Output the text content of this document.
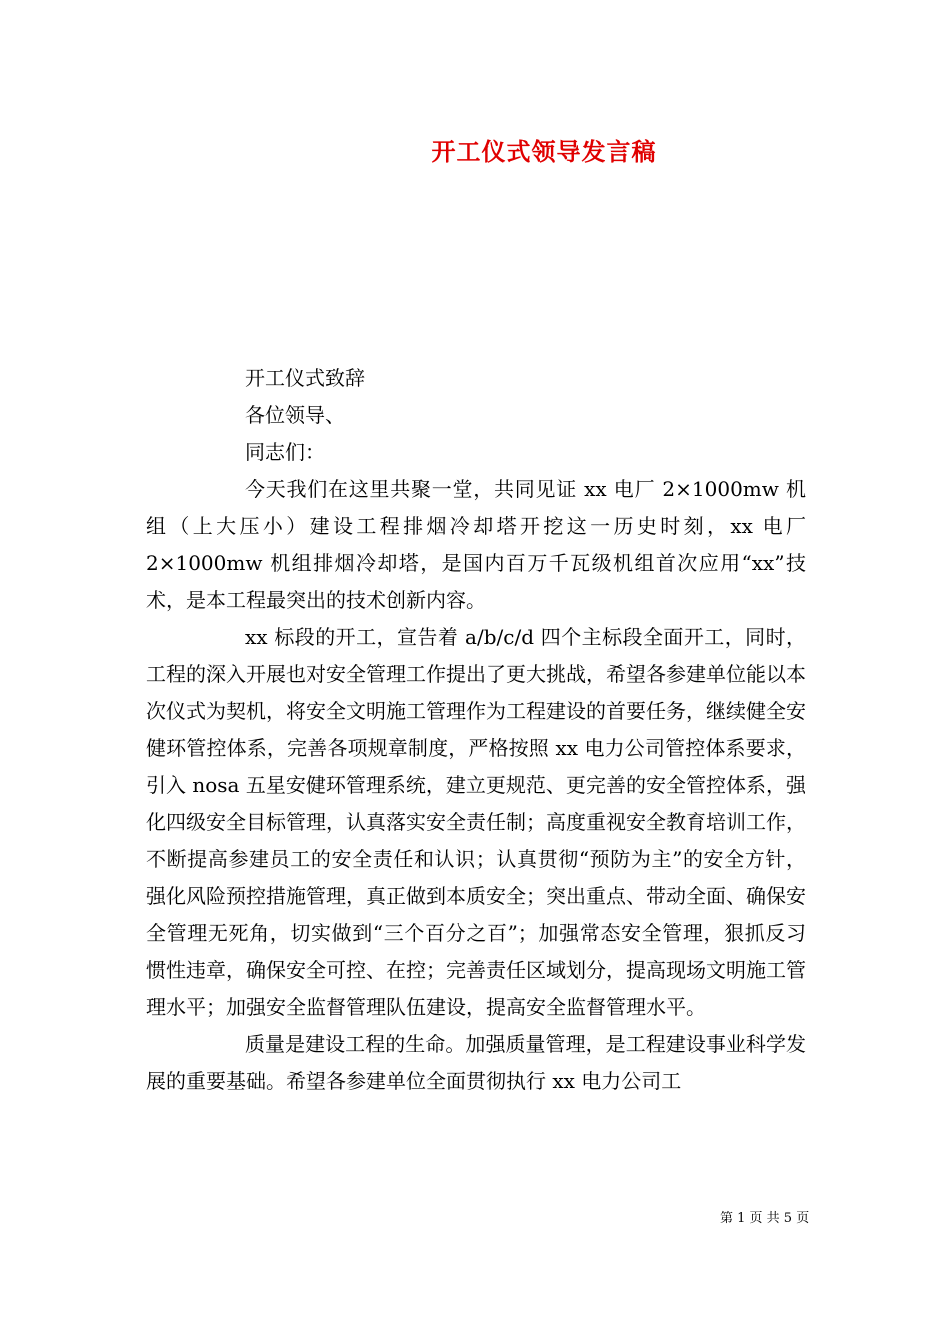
开工仪式领导发言稿

开工仪式致辞

各位领导、

同志们：

今天我们在这里共聚一堂，共同见证 xx 电厂 2×1000mw 机组（上大压小）建设工程排烟冷却塔开挖这一历史时刻，xx 电厂 2×1000mw 机组排烟冷却塔，是国内百万千瓦级机组首次应用“xx”技术，是本工程最突出的技术创新内容。

xx 标段的开工，宣告着 a/b/c/d 四个主标段全面开工，同时，工程的深入开展也对安全管理工作提出了更大挑战，希望各参建单位能以本次仪式为契机，将安全文明施工管理作为工程建设的首要任务，继续健全安健环管控体系，完善各项规章制度，严格按照 xx 电力公司管控体系要求，引入 nosa 五星安健环管理系统，建立更规范、更完善的安全管控体系，强化四级安全目标管理，认真落实安全责任制；高度重视安全教育培训工作，不断提高参建员工的安全责任和认识；认真贯彻“预防为主”的安全方针，强化风险预控措施管理，真正做到本质安全；突出重点、带动全面、确保安全管理无死角，切实做到“三个百分之百”；加强常态安全管理，狠抓反习惯性违章，确保安全可控、在控；完善责任区域划分，提高现场文明施工管理水平；加强安全监督管理队伍建设，提高安全监督管理水平。

质量是建设工程的生命。加强质量管理，是工程建设事业科学发展的重要基础。希望各参建单位全面贯彻执行 xx 电力公司工

第 1 页 共 5 页
